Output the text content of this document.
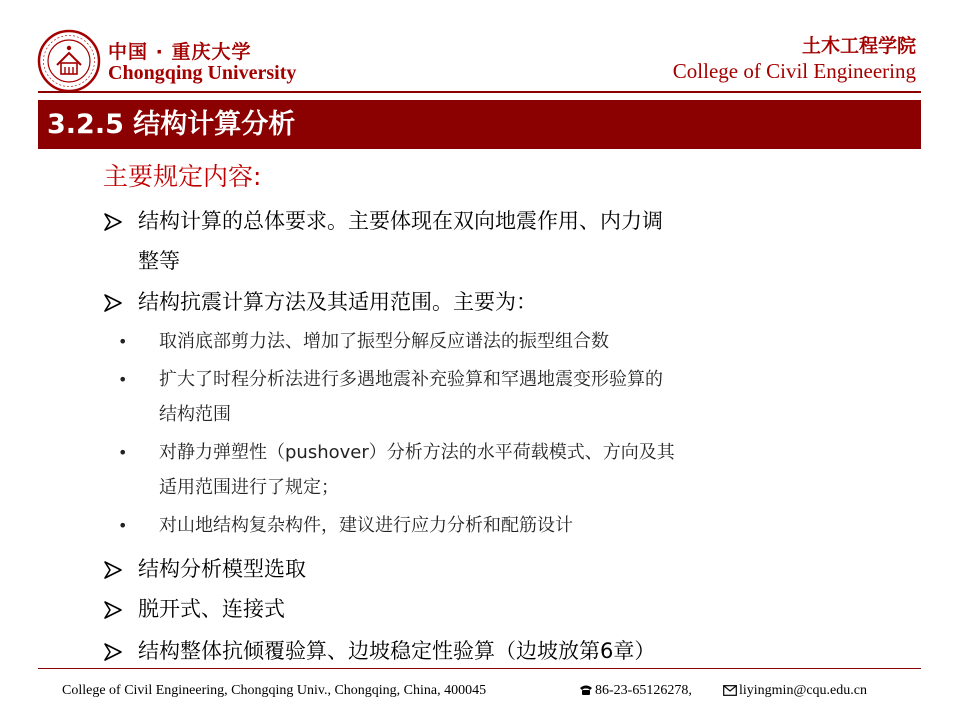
中国 · 重庆大学
Chongqing University
土木工程学院
College of Civil Engineering
3.2.5 结构计算分析
主要规定内容:
结构计算的总体要求。主要体现在双向地震作用、内力调
整等
结构抗震计算方法及其适用范围。主要为：
• 取消底部剪力法、增加了振型分解反应谱法的振型组合数
• 扩大了时程分析法进行多遇地震补充验算和罕遇地震变形验算的
结构范围
• 对静力弹塑性（pushover）分析方法的水平荷载模式、方向及其
适用范围进行了规定；
• 对山地结构复杂构件，建议进行应力分析和配筋设计
结构分析模型选取
脱开式、连接式
结构整体抗倾覆验算、边坡稳定性验算（边坡放第6章）
College of Civil Engineering, Chongqing Univ., Chongqing, China, 400045	86-23-65126278,	liyingmin@cqu.edu.cn
